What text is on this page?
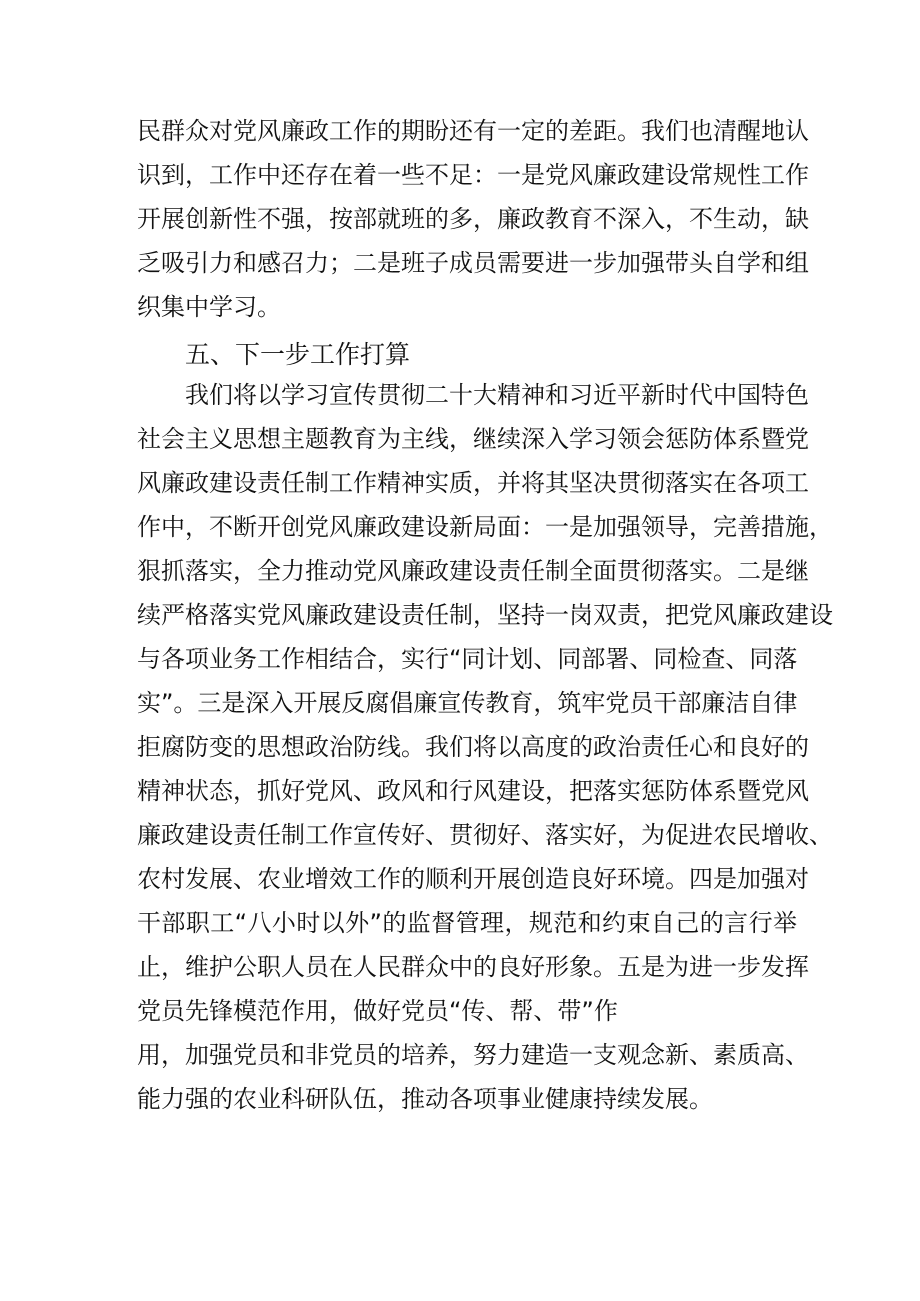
民群众对党风廉政工作的期盼还有一定的差距。我们也清醒地认
识到，工作中还存在着一些不足：一是党风廉政建设常规性工作
开展创新性不强，按部就班的多，廉政教育不深入，不生动，缺
乏吸引力和感召力；二是班子成员需要进一步加强带头自学和组
织集中学习。
五、下一步工作打算
我们将以学习宣传贯彻二十大精神和习近平新时代中国特色
社会主义思想主题教育为主线，继续深入学习领会惩防体系暨党
风廉政建设责任制工作精神实质，并将其坚决贯彻落实在各项工
作中，不断开创党风廉政建设新局面：一是加强领导，完善措施，
狠抓落实，全力推动党风廉政建设责任制全面贯彻落实。二是继
续严格落实党风廉政建设责任制，坚持一岗双责，把党风廉政建设
与各项业务工作相结合，实行“同计划、同部署、同检查、同落
实”。三是深入开展反腐倡廉宣传教育，筑牢党员干部廉洁自律
拒腐防变的思想政治防线。我们将以高度的政治责任心和良好的
精神状态，抓好党风、政风和行风建设，把落实惩防体系暨党风
廉政建设责任制工作宣传好、贯彻好、落实好，为促进农民增收、
农村发展、农业增效工作的顺利开展创造良好环境。四是加强对
干部职工“八小时以外”的监督管理，规范和约束自己的言行举
止，维护公职人员在人民群众中的良好形象。五是为进一步发挥
党员先锋模范作用，做好党员“传、帮、带”作
用，加强党员和非党员的培养，努力建造一支观念新、素质高、
能力强的农业科研队伍，推动各项事业健康持续发展。
